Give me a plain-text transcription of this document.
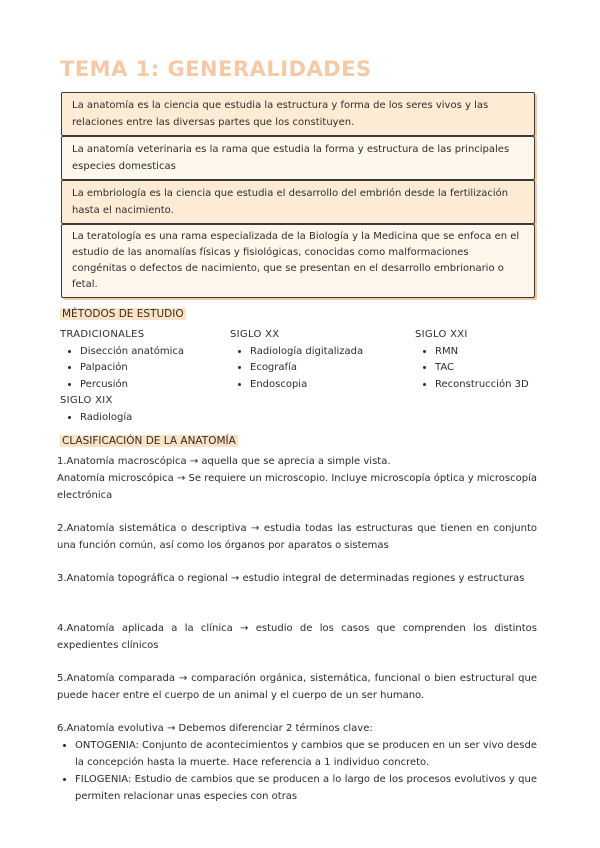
TEMA 1: GENERALIDADES
La anatomía es la ciencia que estudia la estructura y forma de los seres vivos y las relaciones entre las diversas partes que los constituyen.
La anatomía veterinaria es la rama que estudia la forma y estructura de las principales especies domesticas
La embriología es la ciencia que estudia el desarrollo del embrión desde la fertilización hasta el nacimiento.
La teratología es una rama especializada de la Biología y la Medicina que se enfoca en el estudio de las anomalías físicas y fisiológicas, conocidas como malformaciones congénitas o defectos de nacimiento, que se presentan en el desarrollo embrionario o fetal.
MÉTODOS DE ESTUDIO
TRADICIONALES
• Disección anatómica
• Palpación
• Percusión
SIGLO XIX
• Radiología
SIGLO XX
• Radiología digitalizada
• Ecografía
• Endoscopia
SIGLO XXI
• RMN
• TAC
• Reconstrucción 3D
CLASIFICACIÓN DE LA ANATOMÍA
1.Anatomía macroscópica → aquella que se aprecia a simple vista.
Anatomía microscópica → Se requiere un microscopio. Incluye microscopía óptica y microscopía electrónica
2.Anatomía sistemática o descriptiva → estudia todas las estructuras que tienen en conjunto una función común, así como los órganos por aparatos o sistemas
3.Anatomía topográfica o regional → estudio integral de determinadas regiones y estructuras
4.Anatomía aplicada a la clínica → estudio de los casos que comprenden los distintos expedientes clínicos
5.Anatomía comparada → comparación orgánica, sistemática, funcional o bien estructural que puede hacer entre el cuerpo de un animal y el cuerpo de un ser humano.
6.Anatomía evolutiva → Debemos diferenciar 2 términos clave:
• ONTOGENIA: Conjunto de acontecimientos y cambios que se producen en un ser vivo desde la concepción hasta la muerte. Hace referencia a 1 individuo concreto.
• FILOGENIA: Estudio de cambios que se producen a lo largo de los procesos evolutivos y que permiten relacionar unas especies con otras
